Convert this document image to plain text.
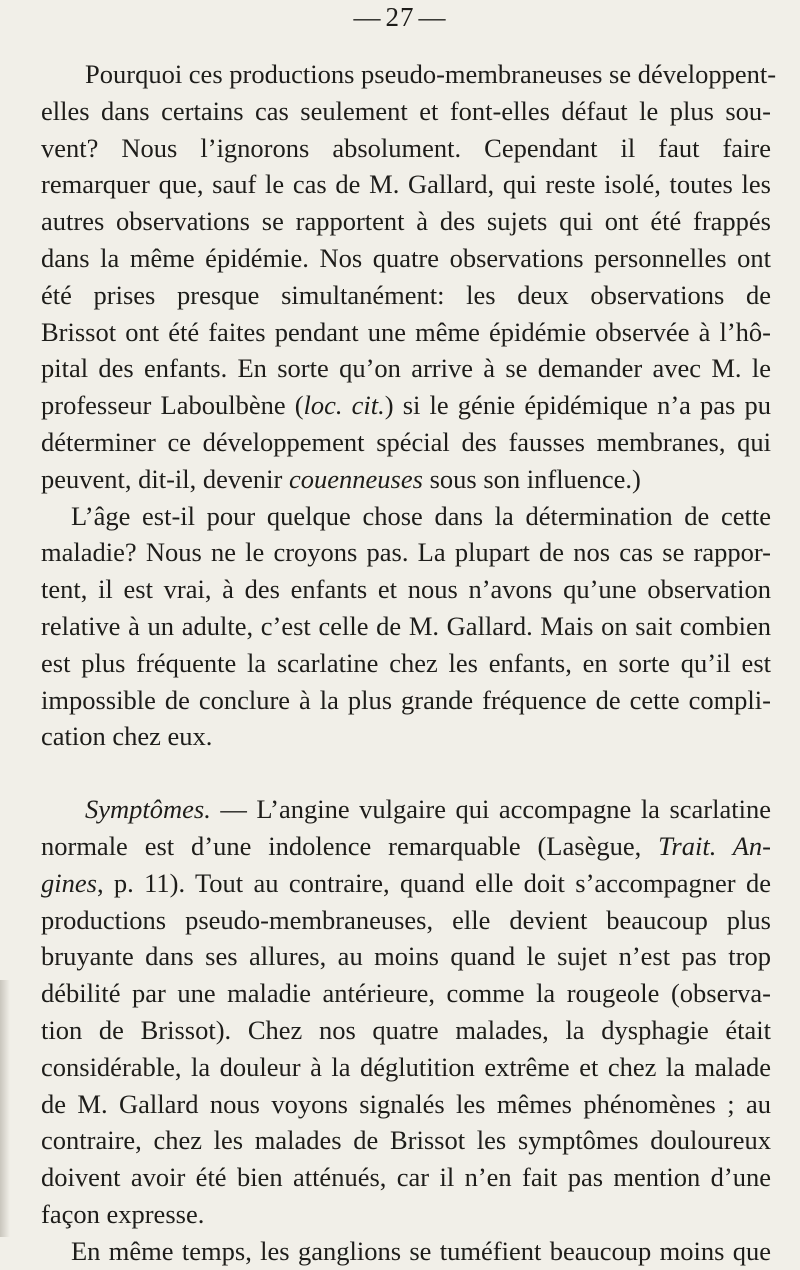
— 27 —
Pourquoi ces productions pseudo-membraneuses se développent-
elles dans certains cas seulement et font-elles défaut le plus sou-
vent? Nous l’ignorons absolument. Cependant il faut faire
remarquer que, sauf le cas de M. Gallard, qui reste isolé, toutes les
autres observations se rapportent à des sujets qui ont été frappés
dans la même épidémie. Nos quatre observations personnelles ont
été prises presque simultanément: les deux observations de
Brissot ont été faites pendant une même épidémie observée à l’hô-
pital des enfants. En sorte qu’on arrive à se demander avec M. le
professeur Laboulbène (loc. cit.) si le génie épidémique n’a pas pu
déterminer ce développement spécial des fausses membranes, qui
peuvent, dit-il, devenir couenneuses sous son influence.)
L’âge est-il pour quelque chose dans la détermination de cette
maladie? Nous ne le croyons pas. La plupart de nos cas se rappor-
tent, il est vrai, à des enfants et nous n’avons qu’une observation
relative à un adulte, c’est celle de M. Gallard. Mais on sait combien
est plus fréquente la scarlatine chez les enfants, en sorte qu’il est
impossible de conclure à la plus grande fréquence de cette compli-
cation chez eux.
Symptômes. — L’angine vulgaire qui accompagne la scarlatine
normale est d’une indolence remarquable (Lasègue, Trait. An-
gines, p. 11). Tout au contraire, quand elle doit s’accompagner de
productions pseudo-membraneuses, elle devient beaucoup plus
bruyante dans ses allures, au moins quand le sujet n’est pas trop
débilité par une maladie antérieure, comme la rougeole (observa-
tion de Brissot). Chez nos quatre malades, la dysphagie était
considérable, la douleur à la déglutition extrême et chez la malade
de M. Gallard nous voyons signalés les mêmes phénomènes ; au
contraire, chez les malades de Brissot les symptômes douloureux
doivent avoir été bien atténués, car il n’en fait pas mention d’une
façon expresse.
En même temps, les ganglions se tuméfient beaucoup moins que
